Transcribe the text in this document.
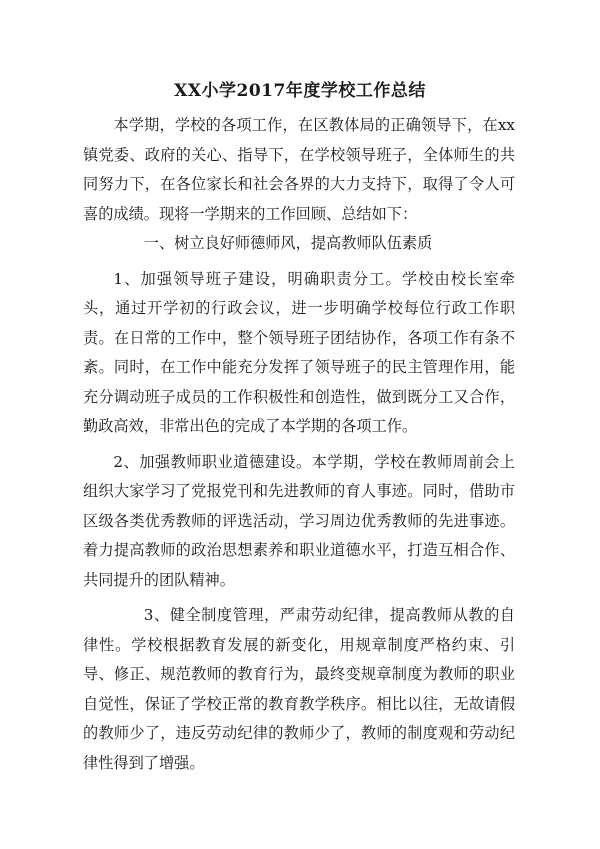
XX小学2017年度学校工作总结

本学期，学校的各项工作，在区教体局的正确领导下，在xx镇党委、政府的关心、指导下，在学校领导班子，全体师生的共同努力下，在各位家长和社会各界的大力支持下，取得了令人可喜的成绩。现将一学期来的工作回顾、总结如下：

一、树立良好师德师风，提高教师队伍素质

1、加强领导班子建设，明确职责分工。学校由校长室牵头，通过开学初的行政会议，进一步明确学校每位行政工作职责。在日常的工作中，整个领导班子团结协作，各项工作有条不紊。同时，在工作中能充分发挥了领导班子的民主管理作用，能充分调动班子成员的工作积极性和创造性，做到既分工又合作，勤政高效，非常出色的完成了本学期的各项工作。

2、加强教师职业道德建设。本学期，学校在教师周前会上组织大家学习了党报党刊和先进教师的育人事迹。同时，借助市区级各类优秀教师的评选活动，学习周边优秀教师的先进事迹。着力提高教师的政治思想素养和职业道德水平，打造互相合作、共同提升的团队精神。

3、健全制度管理，严肃劳动纪律，提高教师从教的自律性。学校根据教育发展的新变化，用规章制度严格约束、引导、修正、规范教师的教育行为，最终变规章制度为教师的职业自觉性，保证了学校正常的教育教学秩序。相比以往，无故请假的教师少了，违反劳动纪律的教师少了，教师的制度观和劳动纪律性得到了增强。
